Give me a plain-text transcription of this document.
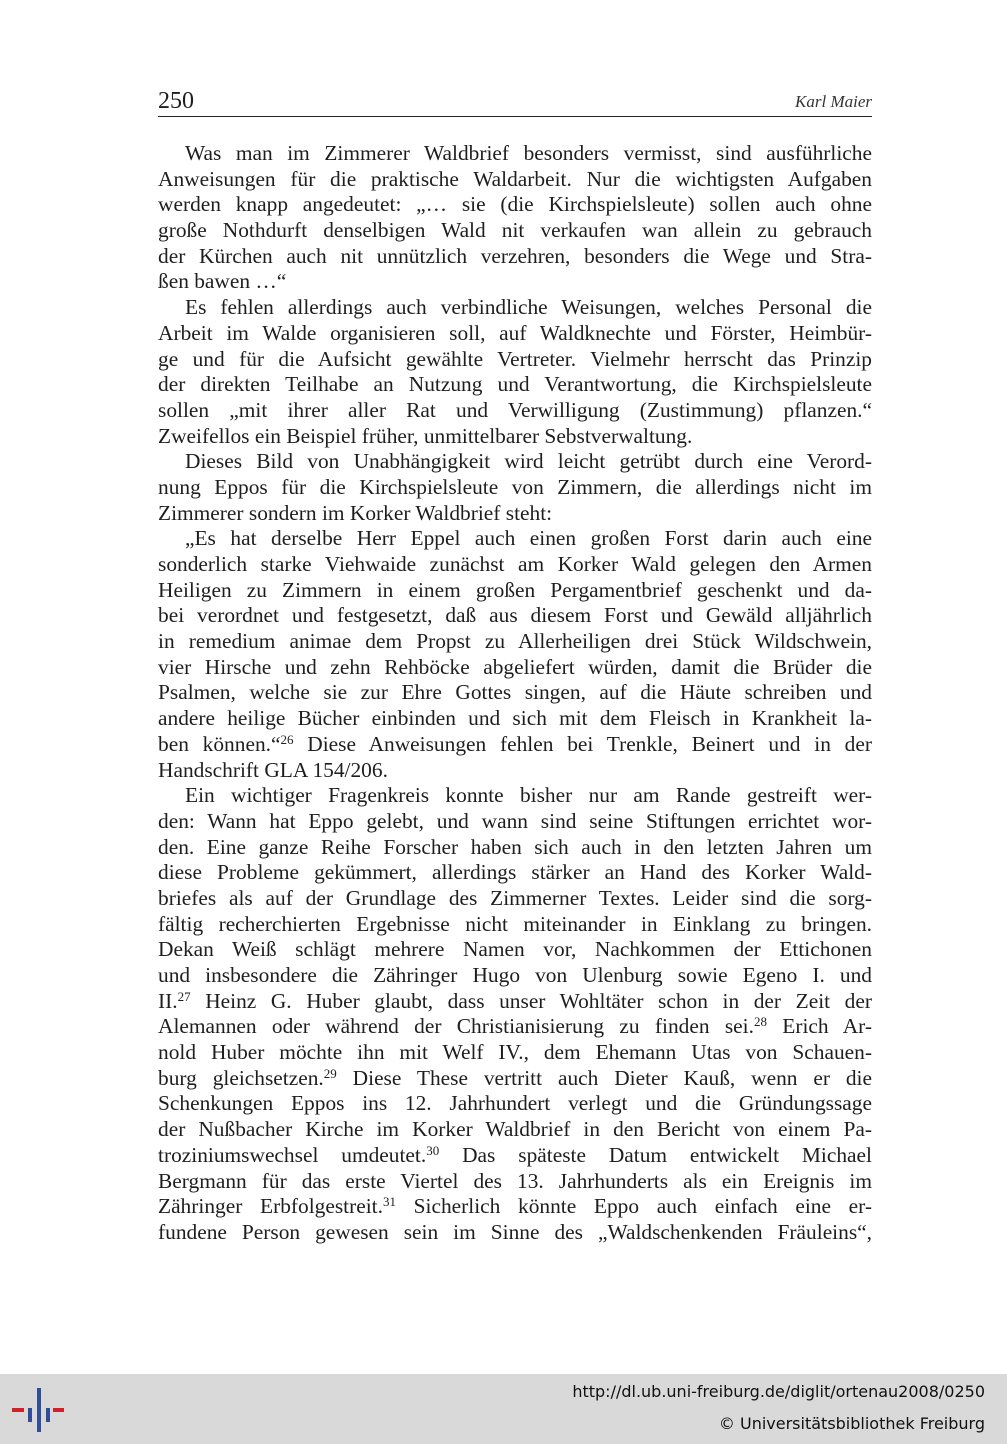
250	Karl Maier
Was man im Zimmerer Waldbrief besonders vermisst, sind ausführliche
Anweisungen für die praktische Waldarbeit. Nur die wichtigsten Aufgaben
werden knapp angedeutet: „… sie (die Kirchspielsleute) sollen auch ohne
große Nothdurft denselbigen Wald nit verkaufen wan allein zu gebrauch
der Kürchen auch nit unnützlich verzehren, besonders die Wege und Stra-
ßen bawen …“
Es fehlen allerdings auch verbindliche Weisungen, welches Personal die
Arbeit im Walde organisieren soll, auf Waldknechte und Förster, Heimbür-
ge und für die Aufsicht gewählte Vertreter. Vielmehr herrscht das Prinzip
der direkten Teilhabe an Nutzung und Verantwortung, die Kirchspielsleute
sollen „mit ihrer aller Rat und Verwilligung (Zustimmung) pflanzen.“
Zweifellos ein Beispiel früher, unmittelbarer Sebstverwaltung.
Dieses Bild von Unabhängigkeit wird leicht getrübt durch eine Verord-
nung Eppos für die Kirchspielsleute von Zimmern, die allerdings nicht im
Zimmerer sondern im Korker Waldbrief steht:
„Es hat derselbe Herr Eppel auch einen großen Forst darin auch eine
sonderlich starke Viehwaide zunächst am Korker Wald gelegen den Armen
Heiligen zu Zimmern in einem großen Pergamentbrief geschenkt und da-
bei verordnet und festgesetzt, daß aus diesem Forst und Gewäld alljährlich
in remedium animae dem Propst zu Allerheiligen drei Stück Wildschwein,
vier Hirsche und zehn Rehböcke abgeliefert würden, damit die Brüder die
Psalmen, welche sie zur Ehre Gottes singen, auf die Häute schreiben und
andere heilige Bücher einbinden und sich mit dem Fleisch in Krankheit la-
ben können.“$^{26}$ Diese Anweisungen fehlen bei Trenkle, Beinert und in der
Handschrift GLA 154/206.
Ein wichtiger Fragenkreis konnte bisher nur am Rande gestreift wer-
den: Wann hat Eppo gelebt, und wann sind seine Stiftungen errichtet wor-
den. Eine ganze Reihe Forscher haben sich auch in den letzten Jahren um
diese Probleme gekümmert, allerdings stärker an Hand des Korker Wald-
briefes als auf der Grundlage des Zimmerner Textes. Leider sind die sorg-
fältig recherchierten Ergebnisse nicht miteinander in Einklang zu bringen.
Dekan Weiß schlägt mehrere Namen vor, Nachkommen der Ettichonen
und insbesondere die Zähringer Hugo von Ulenburg sowie Egeno I. und
II.$^{27}$ Heinz G. Huber glaubt, dass unser Wohltäter schon in der Zeit der
Alemannen oder während der Christianisierung zu finden sei.$^{28}$ Erich Ar-
nold Huber möchte ihn mit Welf IV., dem Ehemann Utas von Schauen-
burg gleichsetzen.$^{29}$ Diese These vertritt auch Dieter Kauß, wenn er die
Schenkungen Eppos ins 12. Jahrhundert verlegt und die Gründungssage
der Nußbacher Kirche im Korker Waldbrief in den Bericht von einem Pa-
troziniumswechsel umdeutet.$^{30}$ Das späteste Datum entwickelt Michael
Bergmann für das erste Viertel des 13. Jahrhunderts als ein Ereignis im
Zähringer Erbfolgestreit.$^{31}$ Sicherlich könnte Eppo auch einfach eine er-
fundene Person gewesen sein im Sinne des „Waldschenkenden Fräuleins“,
http://dl.ub.uni-freiburg.de/diglit/ortenau2008/0250
© Universitätsbibliothek Freiburg
